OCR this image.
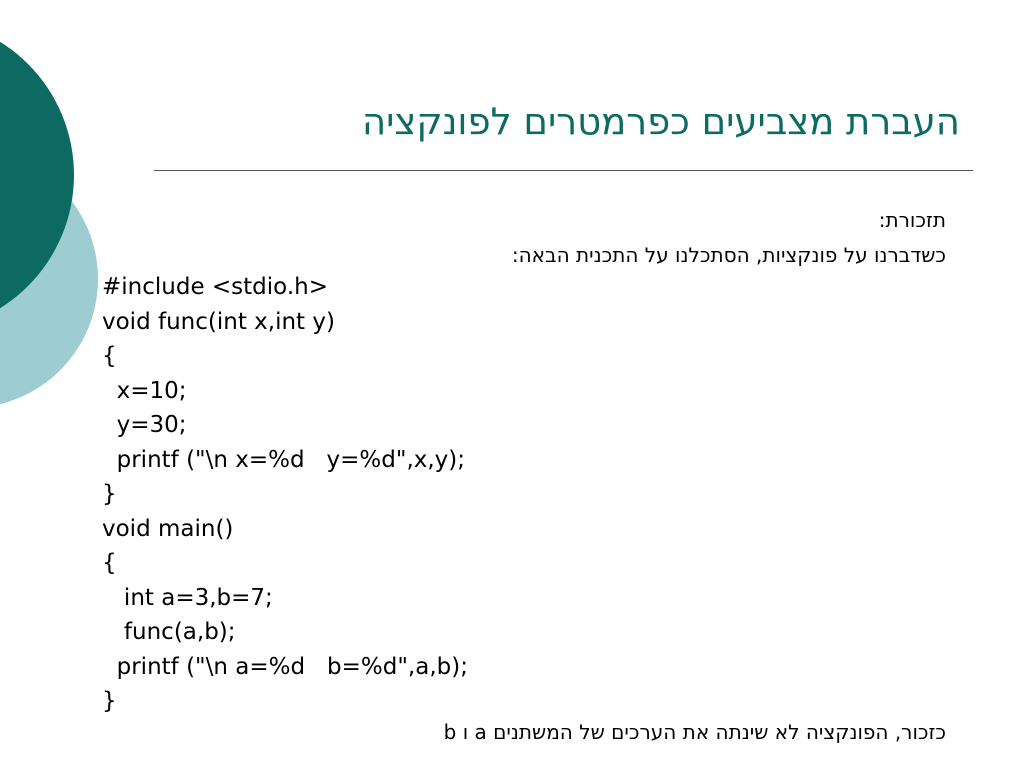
העברת מצביעים כפרמטרים לפונקציה
תזכורת:
כשדברנו על פונקציות, הסתכלנו על התכנית הבאה:
#include <stdio.h>
void func(int x,int y)
{
x=10;
y=30;
printf ("\n x=%d   y=%d",x,y);
}
void main()
{
int a=3,b=7;
func(a,b);
printf ("\n a=%d   b=%d",a,b);
}
כזכור, הפונקציה לא שינתה את הערכים של המשתנים a ו b
